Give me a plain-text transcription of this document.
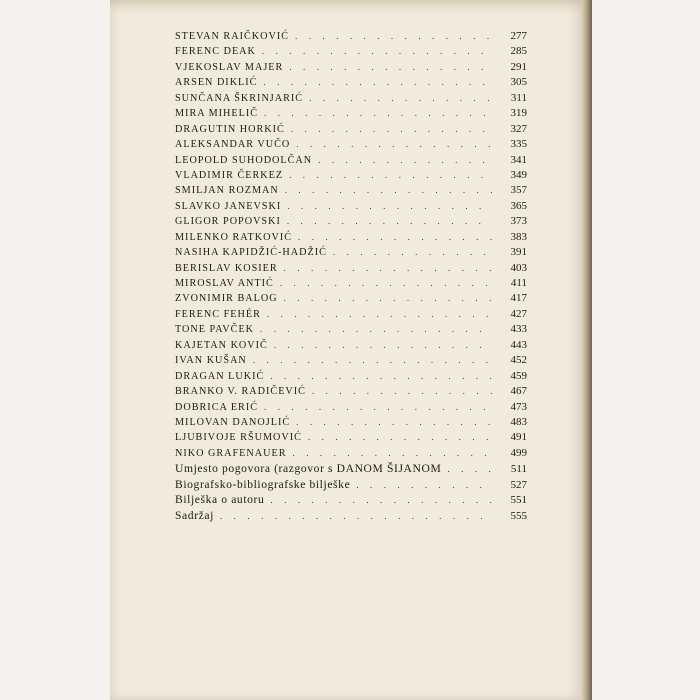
STEVAN RAIČKOVIĆ . . .	277
FERENC DEAK . . .	285
VJEKOSLAV MAJER . . .	291
ARSEN DIKLIĆ . . .	305
SUNČANA ŠKRINJARIĆ . . .	311
MIRA MIHELIČ . . .	319
DRAGUTIN HORKIĆ . . .	327
ALEKSANDAR VUČO . . .	335
LEOPOLD SUHODOLČAN . . .	341
VLADIMIR ČERKEZ . . .	349
SMILJAN ROZMAN . . .	357
SLAVKO JANEVSKI . . .	365
GLIGOR POPOVSKI . . .	373
MILENKO RATKOVIĆ . . .	383
NASIHA KAPIDŽIĆ-HADŽIĆ . . .	391
BERISLAV KOSIER . . .	403
MIROSLAV ANTIĆ . . .	411
ZVONIMIR BALOG . . .	417
FERENC FEHÉR . . .	427
TONE PAVČEK . . .	433
KAJETAN KOVIČ . . .	443
IVAN KUŠAN . . .	452
DRAGAN LUKIĆ . . .	459
BRANKO V. RADIČEVIĆ . . .	467
DOBRICA ERIĆ . . .	473
MILOVAN DANOJLIĆ . . .	483
LJUBIVOJE RŠUMOVIĆ . . .	491
NIKO GRAFENAUER . . .	499
Umjesto pogovora (razgovor s DANOM ŠIJANOM . . .	511
Biografsko-bibliografske bilješke . . .	527
Bilješka o autoru . . .	551
Sadržaj . . .	555
